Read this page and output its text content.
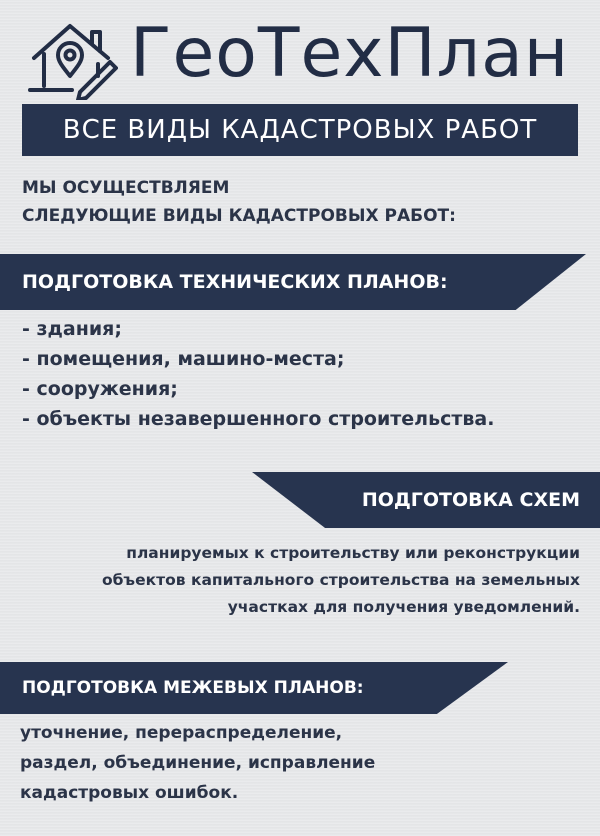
ГеоТехПлан
ВСЕ ВИДЫ КАДАСТРОВЫХ РАБОТ
МЫ ОСУЩЕСТВЛЯЕМ
СЛЕДУЮЩИЕ ВИДЫ КАДАСТРОВЫХ РАБОТ:
ПОДГОТОВКА ТЕХНИЧЕСКИХ ПЛАНОВ:
- здания;
- помещения, машино-места;
- сооружения;
- объекты незавершенного строительства.
ПОДГОТОВКА СХЕМ
планируемых к строительству или реконструкции
объектов капитального строительства на земельных
участках для получения уведомлений.
ПОДГОТОВКА МЕЖЕВЫХ ПЛАНОВ:
уточнение, перераспределение,
раздел, объединение, исправление
кадастровых ошибок.
